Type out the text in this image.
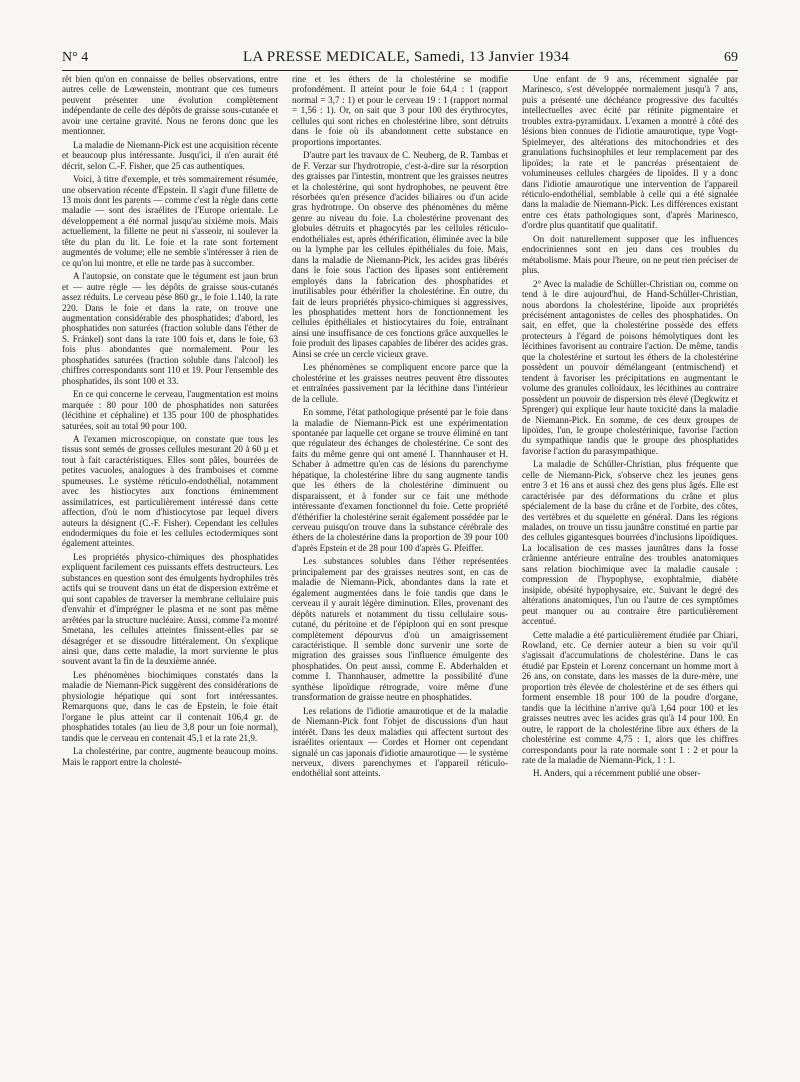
N° 4	LA PRESSE MEDICALE, Samedi, 13 Janvier 1934	69

rêt bien qu'on en connaisse de belles observations, entre autres celle de Lœwenstein, montrant que ces tumeurs peuvent présenter une évolution complètement indépendante de celle des dépôts de graisse sous-cutanée et avoir une certaine gravité. Nous ne ferons donc que les mentionner.

La maladie de Niemann-Pick est une acquisition récente et beaucoup plus intéressante. Jusqu'ici, il n'en aurait été décrit, selon C.-F. Fisher, que 25 cas authentiques.

Voici, à titre d'exemple, et très sommairement résumée, une observation récente d'Epstein. Il s'agit d'une fillette de 13 mois dont les parents — comme c'est la règle dans cette maladie — sont des israélites de l'Europe orientale. Le développement a été normal jusqu'au sixième mois. Mais actuellement, la fillette ne peut ni s'asseoir, ni soulever la tête du plan du lit. Le foie et la rate sont fortement augmentés de volume; elle ne semble s'intéresser à rien de ce qu'on lui montre, et elle ne tarde pas à succomber.

A l'autopsie, on constate que le tégument est jaun brun et — autre règle — les dépôts de graisse sous-cutanés assez réduits. Le cerveau pèse 860 gr., le foie 1.140, la rate 220. Dans le foie et dans la rate, on trouve une augmentation considérable des phosphatides; d'abord, les phosphatides non saturées (fraction soluble dans l'éther de S. Fränkel) sont dans la rate 100 fois et, dans le foie, 63 fois plus abondantes que normalement. Pour les phosphatides saturées (fraction soluble dans l'alcool) les chiffres correspondants sont 110 et 19. Pour l'ensemble des phosphatides, ils sont 100 et 33.

En ce qui concerne le cerveau, l'augmentation est moins marquée : 80 pour 100 de phosphatides non saturées (lécithine et céphaline) et 135 pour 100 de phosphatides saturées, soit au total 90 pour 100.

A l'examen microscopique, on constate que tous les tissus sont semés de grosses cellules mesurant 20 à 60 µ et tout à fait caractéristiques. Elles sont pâles, bourrées de petites vacuoles, analogues à des framboises et comme spumeuses. Le système réticulo-endothélial, notamment avec les histiocytes aux fonctions éminemment assimilatrices, est particulièrement intéressé dans cette affection, d'où le nom d'histiocytose par lequel divers auteurs la désignent (C.-F. Fisher). Cependant les cellules endodermiques du foie et les cellules ectodermiques sont également atteintes.

Les propriétés physico-chimiques des phosphatides expliquent facilement ces puissants effets destructeurs. Les substances en question sont des émulgents hydrophiles très actifs qui se trouvent dans un état de dispersion extrême et qui sont capables de traverser la membrane cellulaire puis d'envahir et d'imprégner le plasma et ne sont pas même arrêtées par la structure nucléaire. Aussi, comme l'a montré Smetana, les cellules atteintes finissent-elles par se désagréger et se dissoudre littéralement. On s'explique ainsi que, dans cette maladie, la mort survienne le plus souvent avant la fin de la deuxième année.

Les phénomènes biochimiques constatés dans la maladie de Niemann-Pick suggèrent des considérations de physiologie hépatique qui sont fort intéressantes. Remarquons que, dans le cas de Epstein, le foie était l'organe le plus atteint car il contenait 106,4 gr. de phosphatides totales (au lieu de 3,8 pour un foie normal), tandis que le cerveau en contenait 45,1 et la rate 21,9.

La cholestérine, par contre, augmente beaucoup moins. Mais le rapport entre la cholesté-

rine et les éthers de la cholestérine se modifie profondément. Il atteint pour le foie 64,4 : 1 (rapport normal = 3,7 : 1) et pour le cerveau 19 : 1 (rapport normal = 1,56 : 1). Or, on sait que 3 pour 100 des érythrocytes, cellules qui sont riches en cholestérine libre, sont détruits dans le foie où ils abandonnent cette substance en proportions importantes.

D'autre part les travaux de C. Neuberg, de R. Tambas et de F. Verzar sur l'hydrotropie, c'est-à-dire sur la résorption des graisses par l'intestin, montrent que les graisses neutres et la cholestérine, qui sont hydrophobes, ne peuvent être résorbées qu'en présence d'acides biliaires ou d'un acide gras hydrotrope. On observe des phénomènes du même genre au niveau du foie. La cholestérine provenant des globules détruits et phagocytés par les cellules réticulo-endothéliales est, après éthérification, éliminée avec la bile ou la lymphe par les cellules épithéliales du foie. Mais, dans la maladie de Niemann-Pick, les acides gras libérés dans le foie sous l'action des lipases sont entièrement employés dans la fabrication des phosphatides et inutilisables pour éthérifier la cholestérine. En outre, du fait de leurs propriétés physico-chimiques si aggressives, les phosphatides mettent hors de fonctionnement les cellules épithéliales et histiocytaires du foie, entraînant ainsi une insuffisance de ces fonctions grâce auxquelles le foie produit des lipases capables de libérer des acides gras. Ainsi se crée un cercle vicieux grave.

Les phénomènes se compliquent encore parce que la cholestérine et les graisses neutres peuvent être dissoutes et entraînées passivement par la lécithine dans l'intérieur de la cellule.

En somme, l'état pathologique présenté par le foie dans la maladie de Niemann-Pick est une expérimentation spontanée par laquelle cet organe se trouve éliminé en tant que régulateur des échanges de cholestérine. Ce sont des faits du même genre qui ont amené I. Thannhauser et H. Schaber à admettre qu'en cas de lésions du parenchyme hépatique, la cholestérine libre du sang augmente tandis que les éthers de la cholestérine diminuent ou disparaissent, et à fonder sur ce fait une méthode intéressante d'examen fonctionnel du foie. Cette propriété d'éthérifier la cholestérine serait également possédée par le cerveau puisqu'on trouve dans la substance cérébrale des éthers de la cholestérine dans la proportion de 39 pour 100 d'après Epstein et de 28 pour 100 d'après G. Pfeiffer.

Les substances solubles dans l'éther représentées principalement par des graisses neutres sont, en cas de maladie de Niemann-Pick, abondantes dans la rate et également augmentées dans le foie tandis que dans le cerveau il y aurait légère diminution. Elles, provenant des dépôts naturels et notamment du tissu cellulaire sous-cutané, du péritoine et de l'épiploon qui en sont presque complètement dépourvus d'où un amaigrissement caractéristique. Il semble donc survenir une sorte de migration des graisses sous l'influence émulgente des phosphatides. On peut aussi, comme E. Abderhalden et comme I. Thannhauser, admettre la possibilité d'une synthèse lipoïdique rétrograde, voire même d'une transformation de graisse neutre en phosphatides.

Les relations de l'idiotie amaurotique et de la maladie de Niemann-Pick font l'objet de discussions d'un haut intérêt. Dans les deux maladies qui affectent surtout des israélites orientaux — Cordes et Horner ont cependant signalé un cas japonais d'idiotie amaurotique — le système nerveux, divers parenchymes et l'appareil réticulo-endothélial sont atteints.

Une enfant de 9 ans, récemment signalée par Marinesco, s'est développée normalement jusqu'à 7 ans, puis a présenté une déchéance progressive des facultés intellectuelles avec écité par rétinite pigmentaire et troubles extra-pyramidaux. L'examen a montré à côté des lésions bien connues de l'idiotie amaurotique, type Vogt-Spielmeyer, des altérations des mitochondries et des granulations fuchsinophiles et leur remplacement par des lipoïdes; la rate et le pancréas présentaient de volumineuses cellules chargées de lipoïdes. Il y a donc dans l'idiotie amaurotique une intervention de l'appareil réticulo-endothélial, semblable à celle qui a été signalée dans la maladie de Niemann-Pick. Les différences existant entre ces états pathologiques sont, d'après Marinesco, d'ordre plus quantitatif que qualitatif.

On doit naturellement supposer que les influences endocriniennes sont en jeu dans ces troubles du métabolisme. Mais pour l'heure, on ne peut rien préciser de plus.

2° Avec la maladie de Schüller-Christian ou, comme on tend à le dire aujourd'hui, de Hand-Schüller-Christian, nous abordons la cholestérine, lipoïde aux propriétés précisément antagonistes de celles des phosphatides. On sait, en effet, que la cholestérine possède des effets protecteurs à l'égard de poisons hémolytiques dont les lécithines favorisent au contraire l'action. De même, tandis que la cholestérine et surtout les éthers de la cholestérine possèdent un pouvoir démélangeant (entmischend) et tendent à favoriser les précipitations en augmentant le volume des granules colloïdaux, les lécithines au contraire possèdent un pouvoir de dispersion très élevé (Degkwitz et Sprenger) qui explique leur haute toxicité dans la maladie de Niemann-Pick. En somme, de ces deux groupes de lipoïdes, l'un, le groupe cholestérinique, favorise l'action du sympathique tandis que le groupe des phosphatides favorise l'action du parasympathique.

La maladie de Schüller-Christian, plus fréquente que celle de Niemann-Pick, s'observe chez les jeunes gens entre 3 et 16 ans et aussi chez des gens plus âgés. Elle est caractérisée par des déformations du crâne et plus spécialement de la base du crâne et de l'orbite, des côtes, des vertèbres et du squelette en général. Dans les régions malades, on trouve un tissu jaunâtre constitué en partie par des cellules gigantesques bourrées d'inclusions lipoïdiques. La localisation de ces masses jaunâtres dans la fosse crânienne antérieure entraîne des troubles anatomiques sans relation biochimique avec la maladie causale : compression de l'hypophyse, exophtalmie, diabète insipide, obésité hypophysaire, etc. Suivant le degré des altérations anatomiques, l'un ou l'autre de ces symptômes peut manquer ou au contraire être particulièrement accentué.

Cette maladie a été particulièrement étudiée par Chiari, Rowland, etc. Ce dernier auteur a bien su voir qu'il s'agissait d'accumulations de cholestérine. Dans le cas étudié par Epstein et Lorenz concernant un homme mort à 26 ans, on constate, dans les masses de la dure-mère, une proportion très élevée de cholestérine et de ses éthers qui forment ensemble 18 pour 100 de la poudre d'organe, tandis que la lécithine n'arrive qu'à 1,64 pour 100 et les graisses neutres avec les acides gras qu'à 14 pour 100. En outre, le rapport de la cholestérine libre aux éthers de la cholestérine est comme 4,75 : 1, alors que les chiffres correspondants pour la rate normale sont 1 : 2 et pour la rate de la maladie de Niemann-Pick, 1 : 1.

H. Anders, qui a récemment publié une obser-
